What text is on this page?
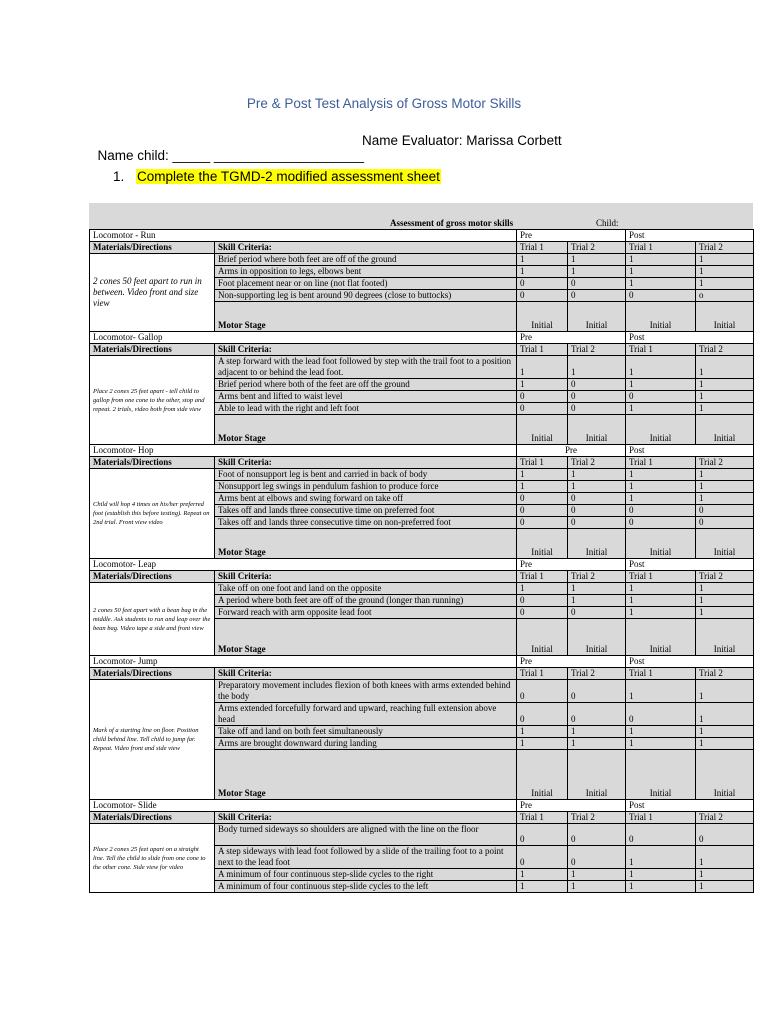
Pre & Post Test Analysis of Gross Motor Skills

Name child: _____ ____________________

Name Evaluator: Marissa Corbett

1. Complete the TGMD-2 modified assessment sheet
Assessment of gross motor skills	Child:
Locomotor - Run		Pre		Post	
Materials/Directions	Skill Criteria:	Trial 1	Trial 2	Trial 1	Trial 2
2 cones 50 feet apart to run in between. Video front and size view	Brief period where both feet are off of the ground	1	1	1	1
	Arms in opposition to legs, elbows bent	1	1	1	1
	Foot placement near or on line (not flat footed)	0	0	1	1
	Non-supporting leg is bent around 90 degrees (close to buttocks)	0	0	0	o
	Motor Stage	Initial	Initial	Initial	Initial
Locomotor- Gallop		Pre		Post	
Materials/Directions	Skill Criteria:	Trial 1	Trial 2	Trial 1	Trial 2
Place 2 cones 25 feet apart - tell child to gallop from one cone to the other, stop and repeat. 2 trials, video both from side view	A step forward with the lead foot followed by step with the trail foot to a position adjacent to or behind the lead foot.	1	1	1	1
	Brief period where both of the feet are off the ground	1	0	1	1
	Arms bent and lifted to waist level	0	0	0	1
	Able to lead with the right and left foot	0	0	1	1
	Motor Stage	Initial	Initial	Initial	Initial
Locomotor- Hop		Pre		Post	
Materials/Directions	Skill Criteria:	Trial 1	Trial 2	Trial 1	Trial 2
Child will hop 4 times on his/her preferred foot (establish this before testing). Repeat on 2nd trial. Front view video	Foot of nonsupport leg is bent and carried in back of body	1	1	1	1
	Nonsupport leg swings in pendulum fashion to produce force	1	1	1	1
	Arms bent at elbows and swing forward on take off	0	0	1	1
	Takes off and lands three consecutive time on preferred foot	0	0	0	0
	Takes off and lands three consecutive time on non-preferred foot	0	0	0	0
	Motor Stage	Initial	Initial	Initial	Initial
Locomotor- Leap		Pre		Post	
Materials/Directions	Skill Criteria:	Trial 1	Trial 2	Trial 1	Trial 2
2 cones 50 feet apart with a bean bag in the middle. Ask students to run and leap over the bean bag. Video tape a side and front view	Take off on one foot and land on the opposite	1	1	1	1
	A period where both feet are off of the ground (longer than running)	0	1	1	1
	Forward reach with arm opposite lead foot	0	0	1	1
	Motor Stage	Initial	Initial	Initial	Initial
Locomotor- Jump		Pre		Post	
Materials/Directions	Skill Criteria:	Trial 1	Trial 2	Trial 1	Trial 2
Mark of a starting line on floor. Position child behind line. Tell child to jump far. Repeat. Video front and side view	Preparatory movement includes flexion of both knees with arms extended behind the body	0	0	1	1
	Arms extended forcefully forward and upward, reaching full extension above head	0	0	0	1
	Take off and land on both feet simultaneously	1	1	1	1
	Arms are brought downward during landing	1	1	1	1
	Motor Stage	Initial	Initial	Initial	Initial
Locomotor- Slide		Pre		Post	
Materials/Directions	Skill Criteria:	Trial 1	Trial 2	Trial 1	Trial 2
Place 2 cones 25 feet apart on a straight line. Tell the child to slide from one cone to the other cone. Side view for video	Body turned sideways so shoulders are aligned with the line on the floor	0	0	0	0
	A step sideways with lead foot followed by a slide of the trailing foot to a point next to the lead foot	0	0	1	1
	A minimum of four continuous step-slide cycles to the right	1	1	1	1
	A minimum of four continuous step-slide cycles to the left	1	1	1	1
